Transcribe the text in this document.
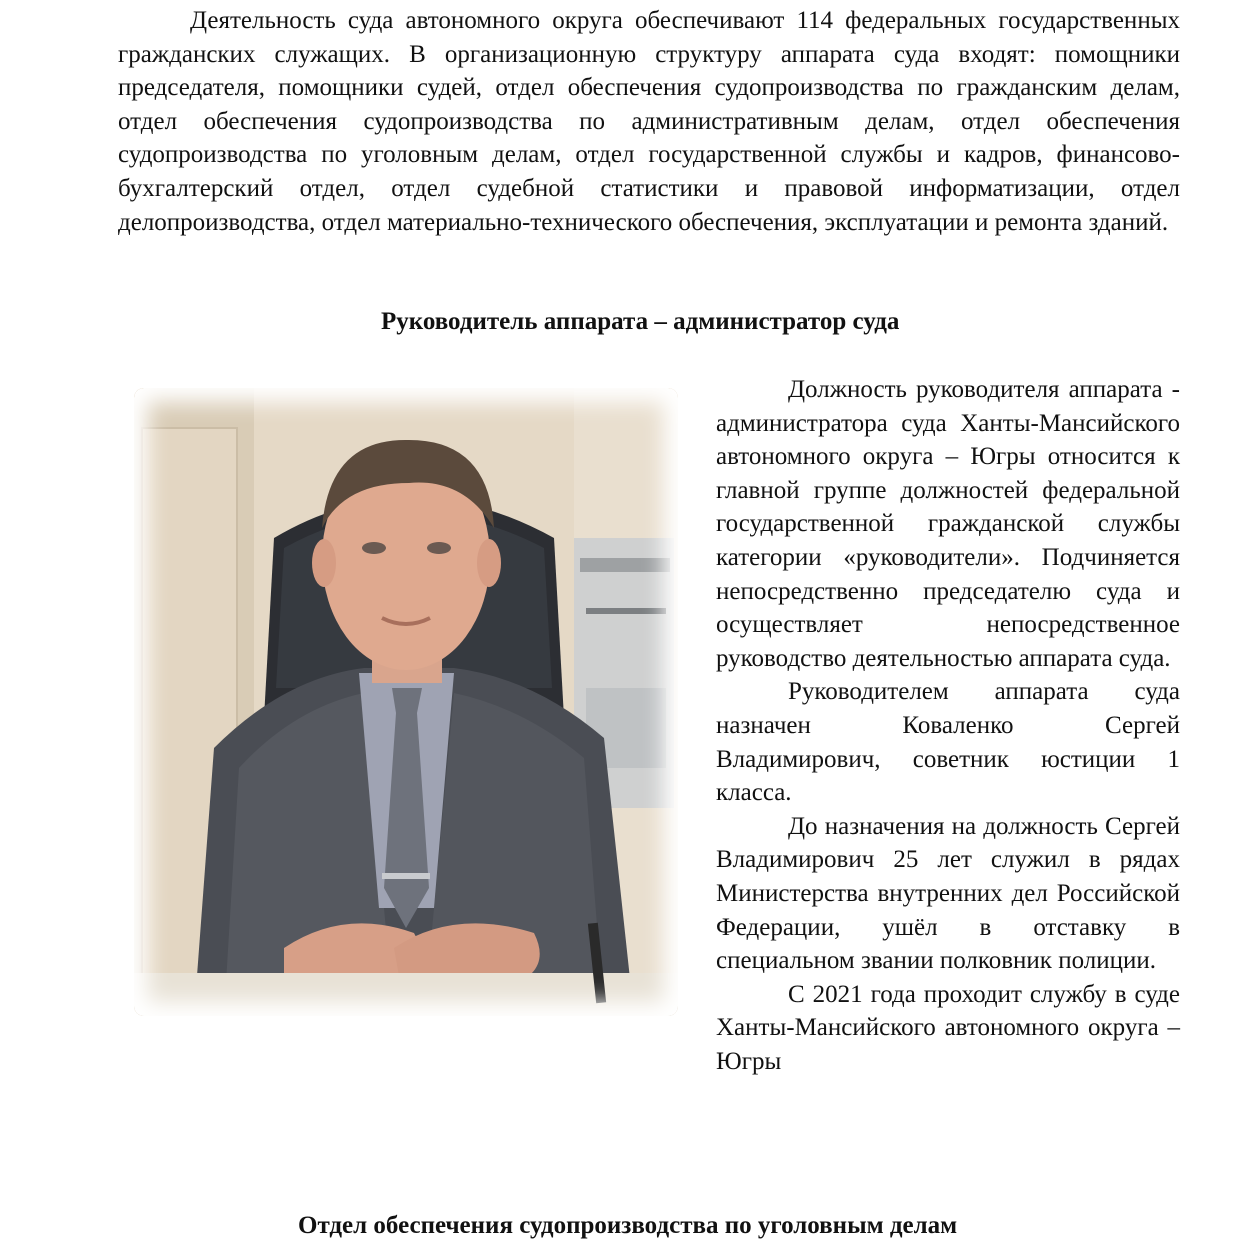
Деятельность суда автономного округа обеспечивают 114 федеральных государственных гражданских служащих. В организационную структуру аппарата суда входят: помощники председателя, помощники судей, отдел обеспечения судопроизводства по гражданским делам, отдел обеспечения судопроизводства по административным делам, отдел обеспечения судопроизводства по уголовным делам, отдел государственной службы и кадров, финансово-бухгалтерский отдел, отдел судебной статистики и правовой информатизации, отдел делопроизводства, отдел материально-технического обеспечения, эксплуатации и ремонта зданий.

Руководитель аппарата – администратор суда

Должность руководителя аппарата - администратора суда Ханты-Мансийского автономного округа – Югры относится к главной группе должностей федеральной государственной гражданской службы категории «руководители». Подчиняется непосредственно председателю суда и осуществляет непосредственное руководство деятельностью аппарата суда.

Руководителем аппарата суда назначен Коваленко Сергей Владимирович, советник юстиции 1 класса.

До назначения на должность Сергей Владимирович 25 лет служил в рядах Министерства внутренних дел Российской Федерации, ушёл в отставку в специальном звании полковник полиции.

С 2021 года проходит службу в суде Ханты-Мансийского автономного округа – Югры

Отдел обеспечения судопроизводства по уголовным делам
